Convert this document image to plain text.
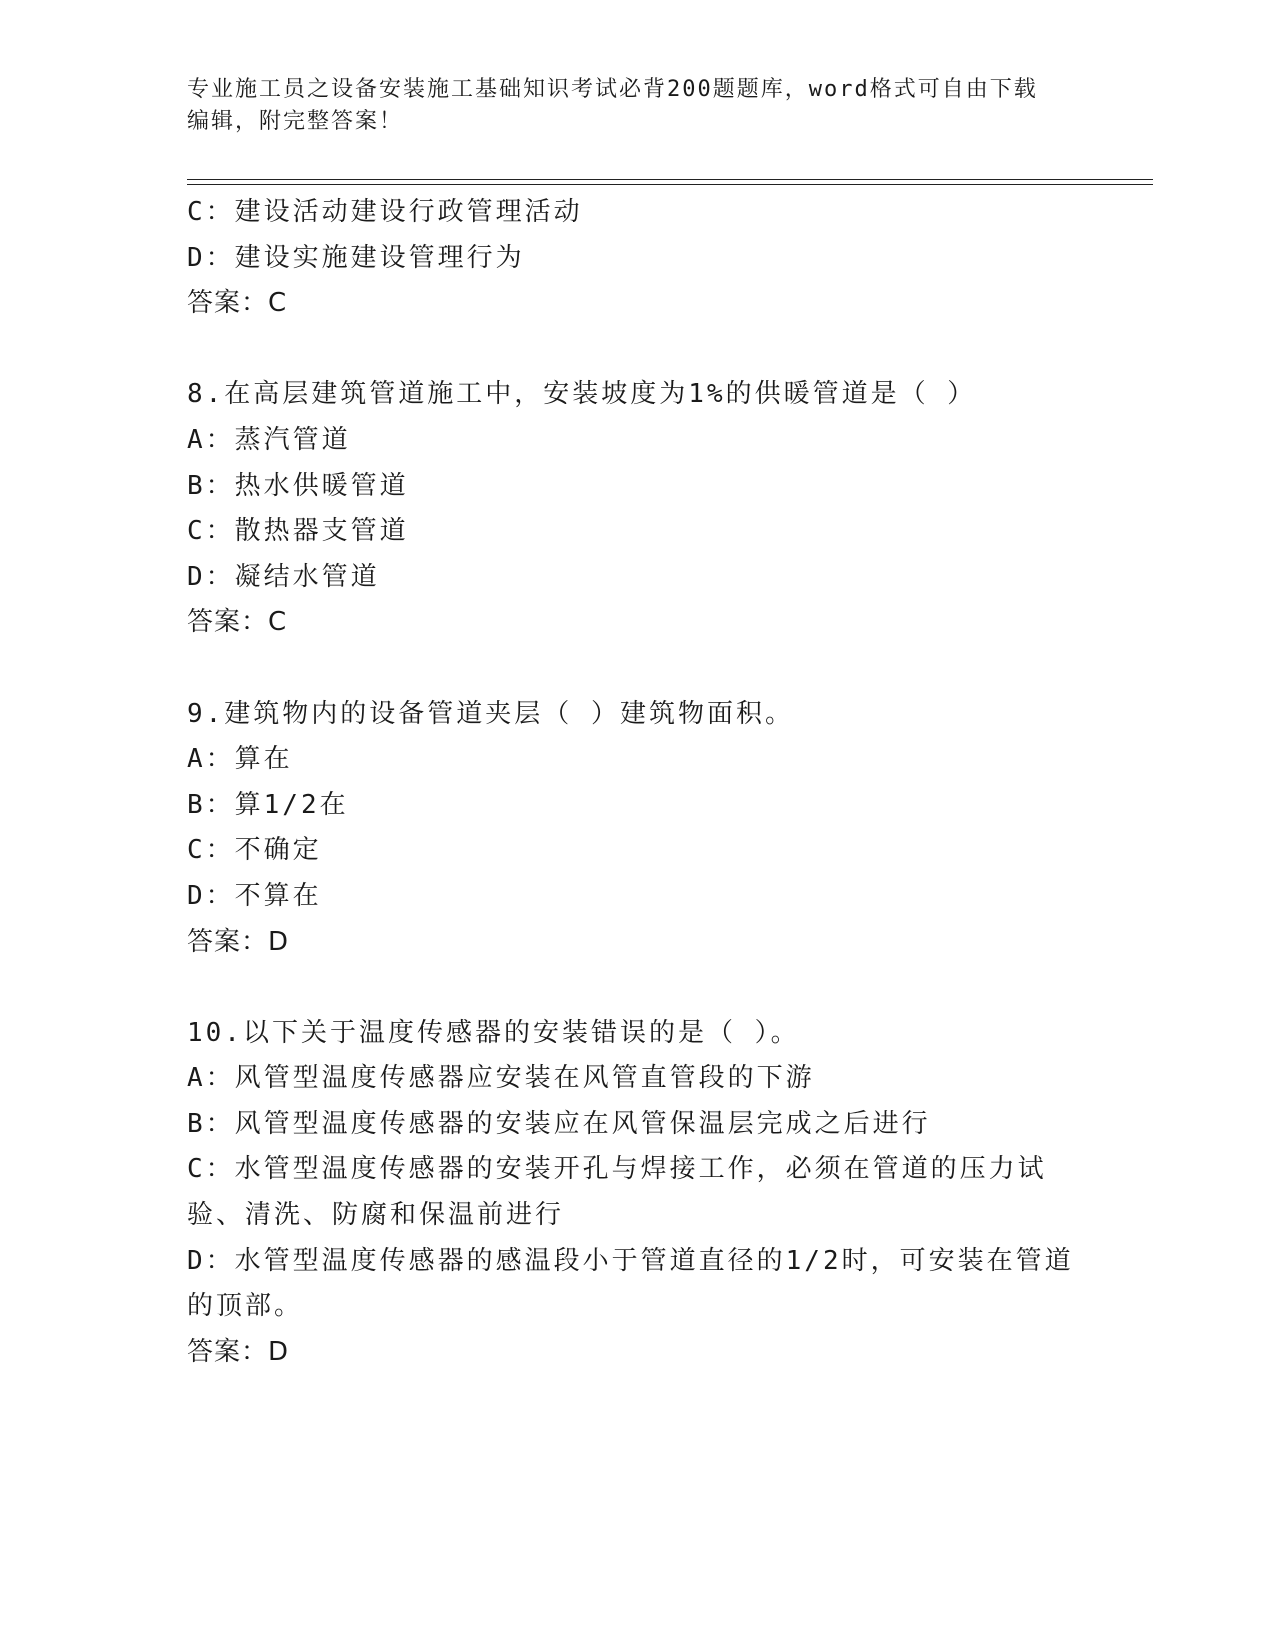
专业施工员之设备安装施工基础知识考试必背200题题库，word格式可自由下载
编辑，附完整答案！
C：建设活动建设行政管理活动
D：建设实施建设管理行为
答案：C
8.在高层建筑管道施工中，安装坡度为1%的供暖管道是（ ）
A：蒸汽管道
B：热水供暖管道
C：散热器支管道
D：凝结水管道
答案：C
9.建筑物内的设备管道夹层（ ）建筑物面积。
A：算在
B：算1/2在
C：不确定
D：不算在
答案：D
10.以下关于温度传感器的安装错误的是（ ）。
A：风管型温度传感器应安装在风管直管段的下游
B：风管型温度传感器的安装应在风管保温层完成之后进行
C：水管型温度传感器的安装开孔与焊接工作，必须在管道的压力试验、清洗、防腐和保温前进行
D：水管型温度传感器的感温段小于管道直径的1/2时，可安装在管道的顶部。
答案：D
